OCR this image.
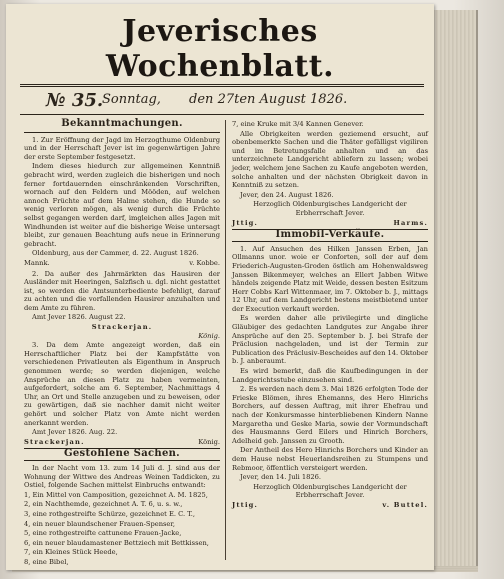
Jeverisches Wochenblatt.
№ 35.
Sonntag, den 27ten August 1826.
Bekanntmachungen.

1. Zur Eröffnung der Jagd im Herzogthume Oldenburg und in der Herrschaft Jever ist im gegenwärtigen Jahre der erste September festgesetzt.

Indem dieses hiedurch zur allgemeinen Kenntniß gebracht wird, werden zugleich die bisherigen und noch ferner fortdauernden einschränkenden Vorschriften, wornach auf den Feldern und Mööden, auf welchen annoch Früchte auf dem Halme stehen, die Hunde so wenig verloren mögen, als wenig durch die Früchte selbst gegangen werden darf, imgleichen alles Jagen mit Windhunden ist weiter auf die bisherige Weise untersagt bleibt, zur genauen Beachtung aufs neue in Erinnerung gebracht.

Oldenburg, aus der Cammer, d. 22. August 1826.

Mannk.	v. Kobbe.

2. Da außer des Jahrmärkten das Hausiren der Ausländer mit Heeringen, Salzfisch u. dgl. nicht gestattet ist, so werden die Amtsunterbediente befehligt, darauf zu achten und die vorfallenden Hausirer anzuhalten und dem Amte zu führen.

Amt Jever 1826. August 22.

Strackerjan.

König.

3. Da dem Amte angezeigt worden, daß ein Herrschaftlicher Platz bei der Kampfstätte von verschiedenen Privatleuten als Eigenthum in Anspruch genommen werde; so werden diejenigen, welche Ansprüche an diesen Platz zu haben vermeinten, aufgefordert, solche am 6. September, Nachmittags 4 Uhr, an Ort und Stelle anzugeben und zu beweisen, oder zu gewärtigen, daß sie nachher damit nicht weiter gehört und solcher Platz von Amte nicht werden anerkannt werden.

Amt Jever 1826. Aug. 22.

Strackerjan.	König.
Gestohlene Sachen.

In der Nacht vom 13. zum 14 Juli d. J. sind aus der Wohnung der Wittwe des Andreas Weinen Taddicken, zu Ostiel, folgende Sachen mittelst Einbruchs entwandt:

1, Ein Mittel von Camposition, gezeichnet A. M. 1825,
2, ein Nachthemde, gezeichnet A. T. 6, u. s. w.,
3, eine rothgestreifte Schürze, gezeichnet E. C. T.,
4, ein neuer blaundschener Frauen-Spenser,
5, eine rothgestreifte cattunene Frauen-Jacke,
6, ein neuer blaudamastener Bettziech mit Bettkissen,
7, ein Kleines Stück Heede,
8, eine Bibel,
7, eine Kruke mit 3/4 Kannen Genever.

Alle Obrigkeiten werden geziemend ersucht, auf obenbemerkte Sachen und die Thäter gefälligst vigiliren und im Betretungsfalle anhalten und an das unterzeichnete Landgericht abliefern zu lassen; wobei jeder, welchem jene Sachen zu Kaufe angeboten werden, solche anhalten und der nächsten Obrigkeit davon in Kenntniß zu setzen.

Jever, den 24. August 1826.

Herzoglich Oldenburgisches Landgericht der Erbherrschaft Jever.

Jttig.	Harms.
Immobil-Verkäufe.

1. Auf Ansuchen des Hilken Janssen Erben, Jan Ollmanns unor. woie er Conforten, soll der auf dem Friederich-Augusten-Groden östlich am Hohenwaldsweg Janssen Bikenmeyer, welches an Ellert Jabben Witwe händels zeigende Platz mit Weide, dessen besten Esitzum Herr Cobbs Karl Wittenmaer, im 7. Oktober b. J., mittags 12 Uhr, auf dem Landgericht bestens meistbietend unter der Execution verkauft werden.

Es werden daher alle privilegirte und dingliche Gläubiger des gedachten Landgutes zur Angabe ihrer Ansprüche auf den 25. September b. J. bei Strafe der Präclusion nachgeladen, und ist der Termin zur Publication des Präclusiv-Bescheides auf den 14. Oktober b. J. anberaumt.

Es wird bemerkt, daß die Kaufbedingungen in der Landgerichtsstube einzusehen sind.

2. Es werden nach dem 3. Mai 1826 erfolgten Tode der Frieske Blömen, ihres Ehemanns, des Hero Hinrichs Borchers, auf dessen Auftrag, mit ihrer Ehefrau und nach der Konkursmasse hinterbliebenen Kindern Nanne Margaretha und Geske Maria, sowie der Vormundschaft des Hausmanns Gerd Eilers und Hinrich Borchers, Adelheid geb. Janssen zu Grooth.

Der Antheil des Hero Hinrichs Borchers und Kinder an dem Hause nebst Heuerlandsreihen zu Stumpens und Rebmoor, öffentlich versteigert werden.

Jever, den 14. Juli 1826.

Herzoglich Oldenburgisches Landgericht der Erbherrschaft Jever.

Jttig.	v. Buttel.
